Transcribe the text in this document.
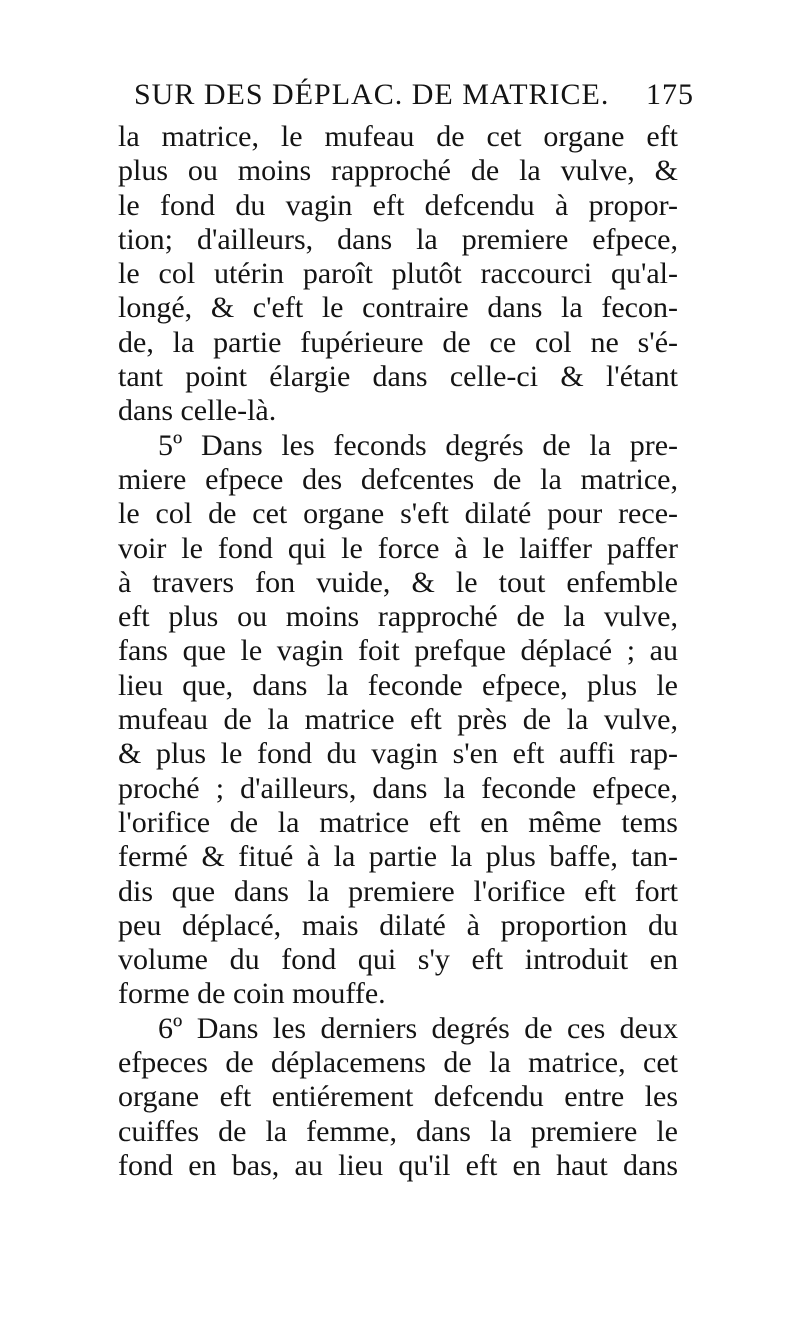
SUR DES DÉPLAC. DE MATRICE. 175
la matrice, le mufeau de cet organe eft
plus ou moins rapproché de la vulve, &
le fond du vagin eft defcendu à propor-
tion; d'ailleurs, dans la premiere efpece,
le col utérin paroît plutôt raccourci qu'al-
longé, & c'eft le contraire dans la fecon-
de, la partie fupérieure de ce col ne s'é-
tant point élargie dans celle-ci & l'étant
dans celle-là.
5º Dans les feconds degrés de la pre-
miere efpece des defcentes de la matrice,
le col de cet organe s'eft dilaté pour rece-
voir le fond qui le force à le laiffer paffer
à travers fon vuide, & le tout enfemble
eft plus ou moins rapproché de la vulve,
fans que le vagin foit prefque déplacé ; au
lieu que, dans la feconde efpece, plus le
mufeau de la matrice eft près de la vulve,
& plus le fond du vagin s'en eft auffi rap-
proché ; d'ailleurs, dans la feconde efpece,
l'orifice de la matrice eft en même tems
fermé & fitué à la partie la plus baffe, tan-
dis que dans la premiere l'orifice eft fort
peu déplacé, mais dilaté à proportion du
volume du fond qui s'y eft introduit en
forme de coin mouffe.
6º Dans les derniers degrés de ces deux
efpeces de déplacemens de la matrice, cet
organe eft entiérement defcendu entre les
cuiffes de la femme, dans la premiere le
fond en bas, au lieu qu'il eft en haut dans
